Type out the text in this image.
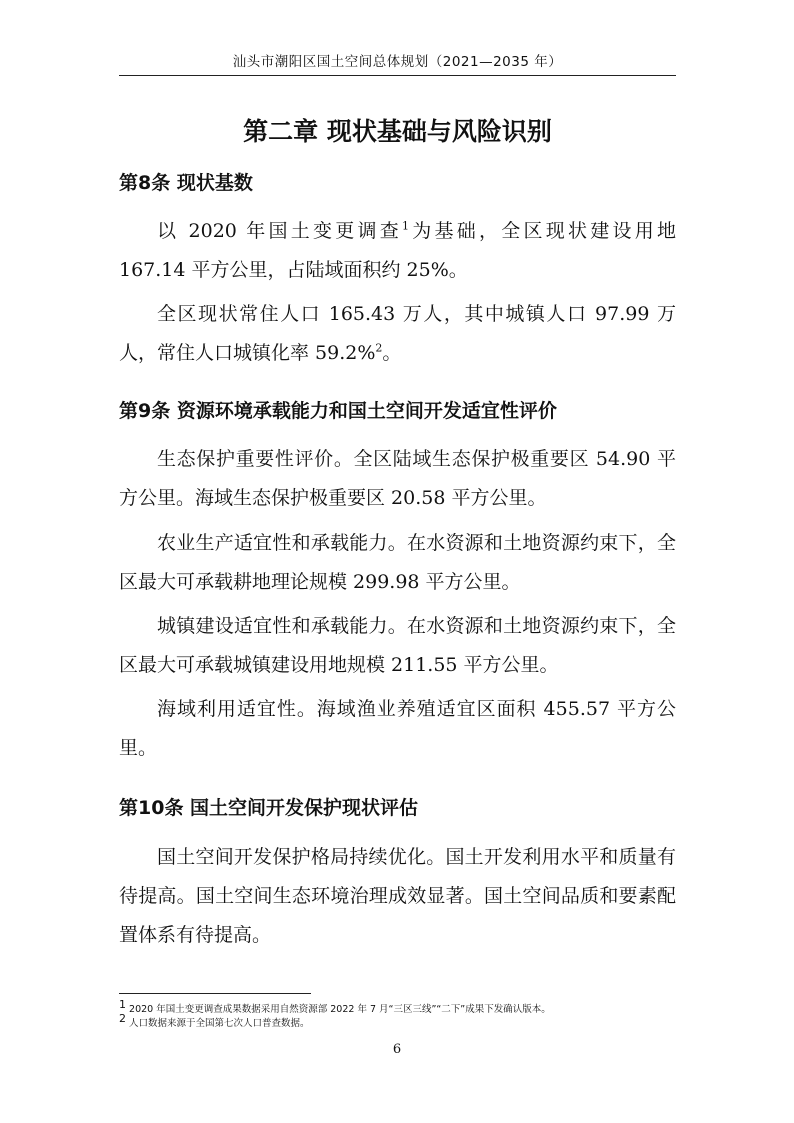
汕头市潮阳区国土空间总体规划（2021—2035 年）
第二章 现状基础与风险识别
第8条 现状基数

以 2020 年国土变更调查$^1$为基础，全区现状建设用地 167.14 平方公里，占陆域面积约 25%。

全区现状常住人口 165.43 万人，其中城镇人口 97.99 万人，常住人口城镇化率 59.2%$^2$。

第9条 资源环境承载能力和国土空间开发适宜性评价

生态保护重要性评价。全区陆域生态保护极重要区 54.90 平方公里。海域生态保护极重要区 20.58 平方公里。

农业生产适宜性和承载能力。在水资源和土地资源约束下，全区最大可承载耕地理论规模 299.98 平方公里。

城镇建设适宜性和承载能力。在水资源和土地资源约束下，全区最大可承载城镇建设用地规模 211.55 平方公里。

海域利用适宜性。海域渔业养殖适宜区面积 455.57 平方公里。

第10条 国土空间开发保护现状评估

国土空间开发保护格局持续优化。国土开发利用水平和质量有待提高。国土空间生态环境治理成效显著。国土空间品质和要素配置体系有待提高。

$^1$ 2020 年国土变更调查成果数据采用自然资源部 2022 年 7 月“三区三线”“二下”成果下发确认版本。
$^2$ 人口数据来源于全国第七次人口普查数据。
6
